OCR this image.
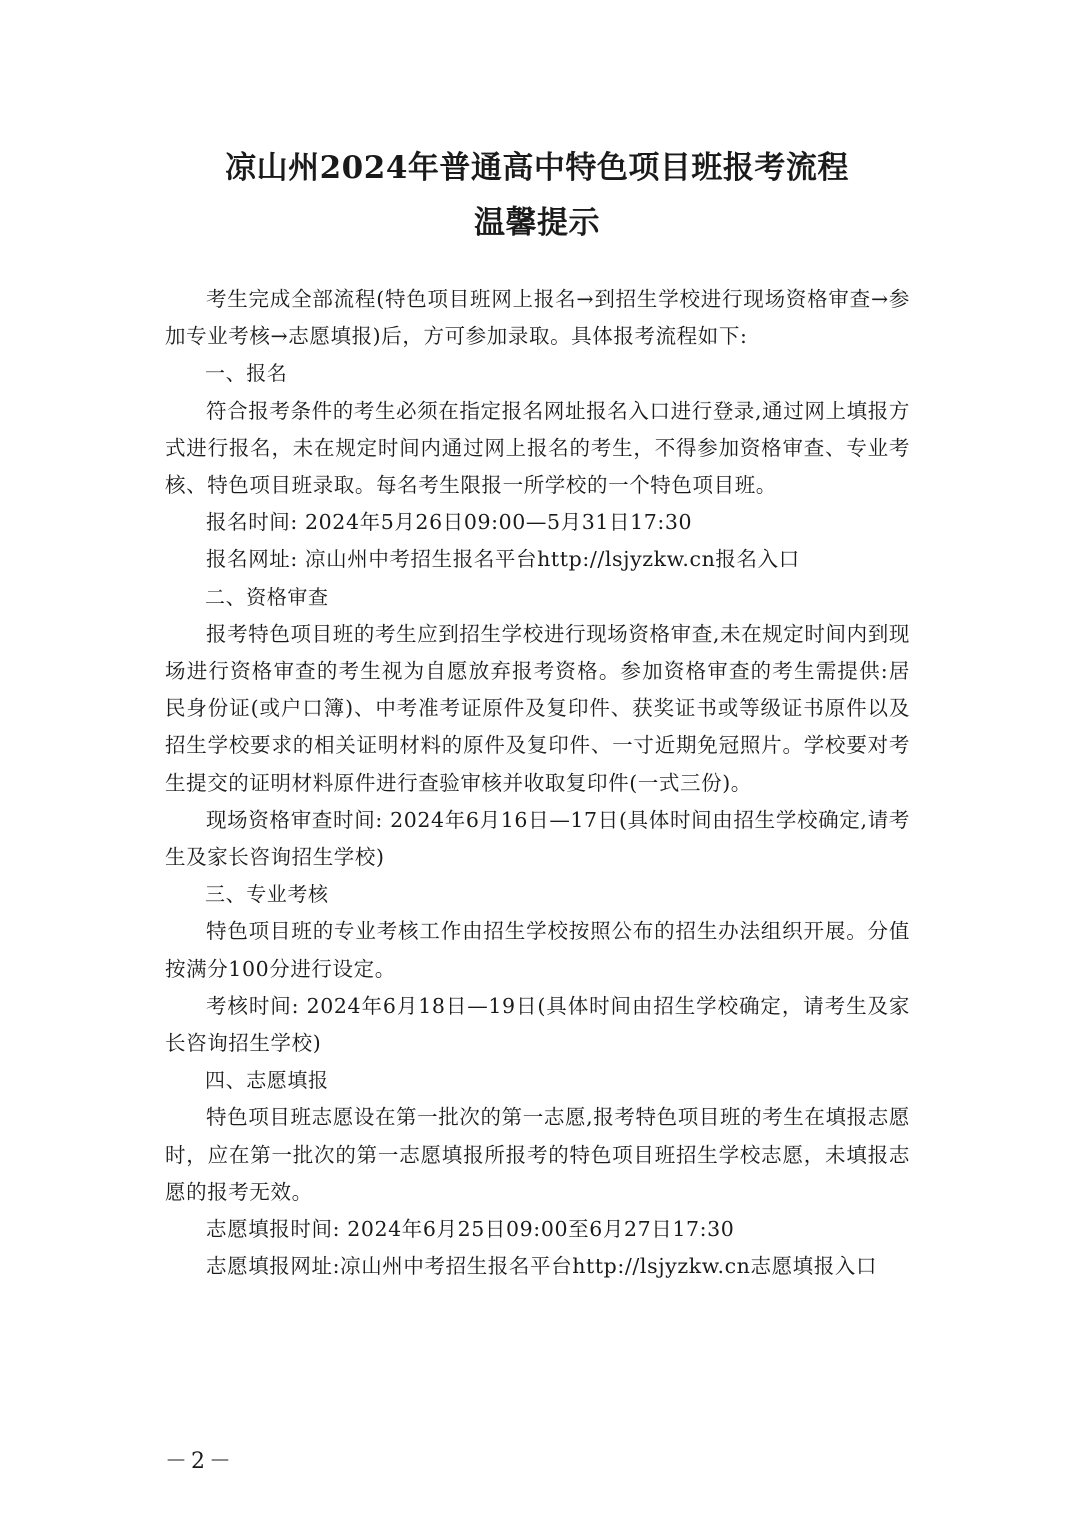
凉山州2024年普通高中特色项目班报考流程
温馨提示

考生完成全部流程(特色项目班网上报名→到招生学校进行现场资格审查→参加专业考核→志愿填报)后，方可参加录取。具体报考流程如下:

一、报名

符合报考条件的考生必须在指定报名网址报名入口进行登录,通过网上填报方式进行报名，未在规定时间内通过网上报名的考生，不得参加资格审查、专业考核、特色项目班录取。每名考生限报一所学校的一个特色项目班。

报名时间: 2024年5月26日09:00—5月31日17:30

报名网址: 凉山州中考招生报名平台http://lsjyzkw.cn报名入口

二、资格审查

报考特色项目班的考生应到招生学校进行现场资格审查,未在规定时间内到现场进行资格审查的考生视为自愿放弃报考资格。参加资格审查的考生需提供:居民身份证(或户口簿)、中考准考证原件及复印件、获奖证书或等级证书原件以及招生学校要求的相关证明材料的原件及复印件、一寸近期免冠照片。学校要对考生提交的证明材料原件进行查验审核并收取复印件(一式三份)。

现场资格审查时间: 2024年6月16日—17日(具体时间由招生学校确定,请考生及家长咨询招生学校)

三、专业考核

特色项目班的专业考核工作由招生学校按照公布的招生办法组织开展。分值按满分100分进行设定。

考核时间: 2024年6月18日—19日(具体时间由招生学校确定，请考生及家长咨询招生学校)

四、志愿填报

特色项目班志愿设在第一批次的第一志愿,报考特色项目班的考生在填报志愿时，应在第一批次的第一志愿填报所报考的特色项目班招生学校志愿，未填报志愿的报考无效。

志愿填报时间: 2024年6月25日09:00至6月27日17:30

志愿填报网址:凉山州中考招生报名平台http://lsjyzkw.cn志愿填报入口

－2－
